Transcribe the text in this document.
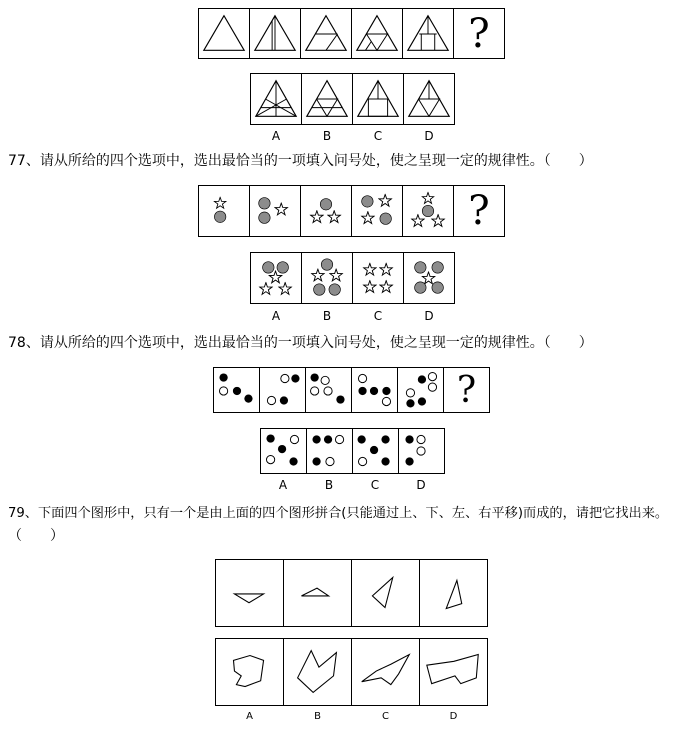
?
A	B	C	D
77、请从所给的四个选项中，选出最恰当的一项填入问号处，使之呈现一定的规律性。（　　）
?
A	B	C	D
78、请从所给的四个选项中，选出最恰当的一项填入问号处，使之呈现一定的规律性。（　　）
?
A	B	C	D
79、下面四个图形中，只有一个是由上面的四个图形拼合(只能通过上、下、左、右平移)而成的，请把它找出来。
（　　）
A	B	C	D
